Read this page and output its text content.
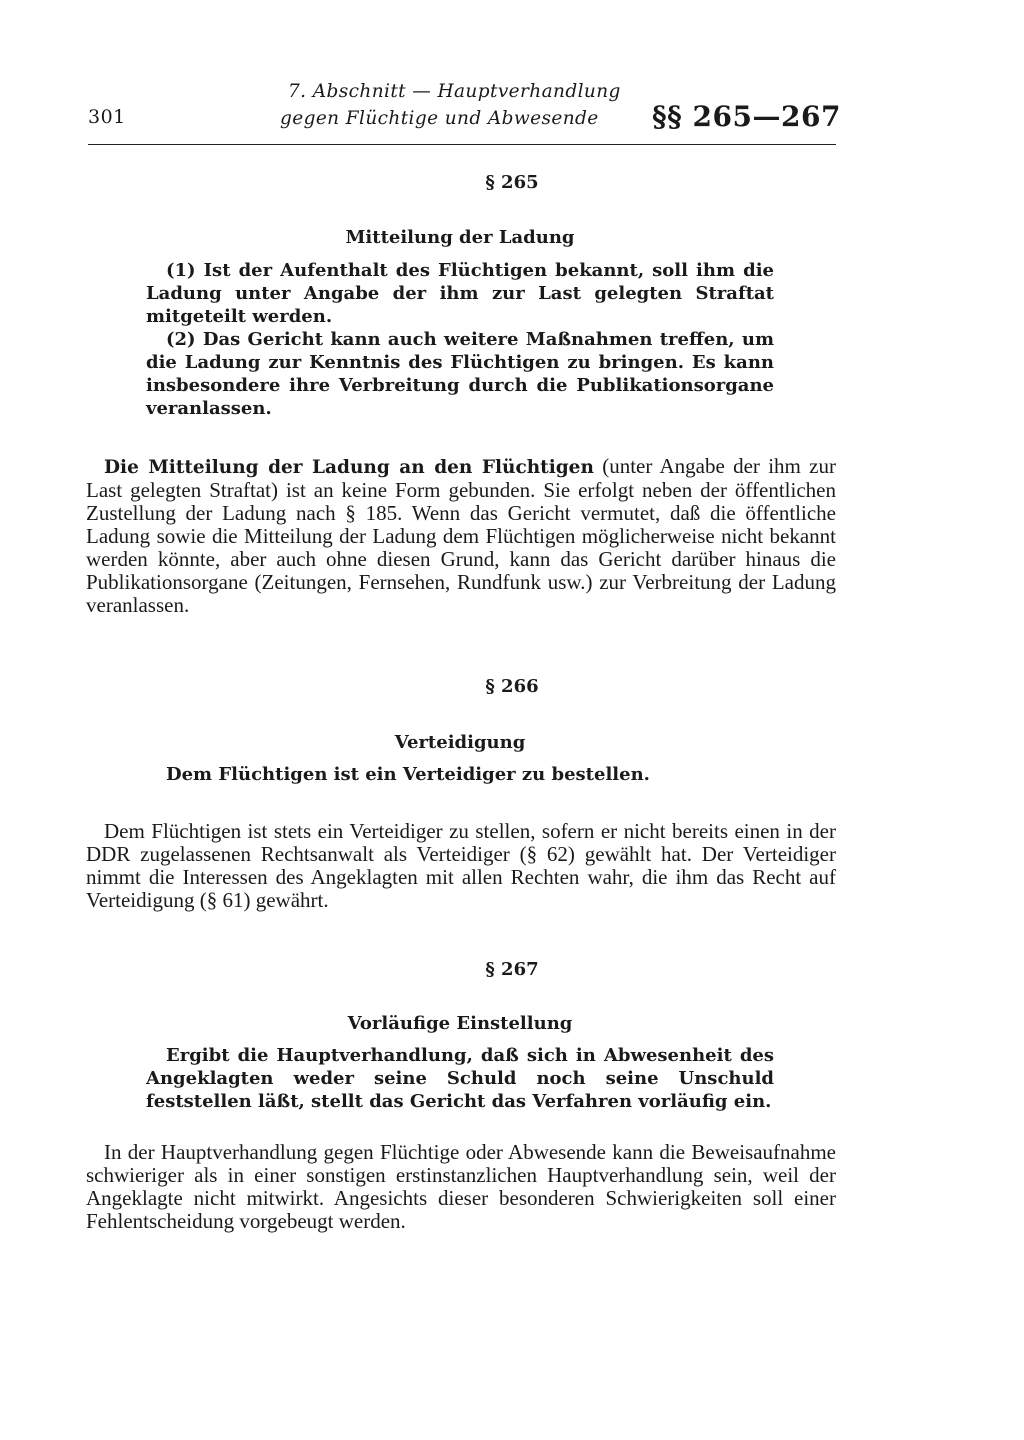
301
7. Abschnitt — Hauptverhandlung
gegen Flüchtige und Abwesende	§§ 265—267
§ 265
Mitteilung der Ladung

(1) Ist der Aufenthalt des Flüchtigen bekannt, soll ihm die Ladung unter Angabe der ihm zur Last gelegten Straftat mitgeteilt werden.

(2) Das Gericht kann auch weitere Maßnahmen treffen, um die Ladung zur Kenntnis des Flüchtigen zu bringen. Es kann insbesondere ihre Verbreitung durch die Publikationsorgane veranlassen.

Die Mitteilung der Ladung an den Flüchtigen (unter Angabe der ihm zur Last gelegten Straftat) ist an keine Form gebunden. Sie erfolgt neben der öffentlichen Zustellung der Ladung nach § 185. Wenn das Gericht vermutet, daß die öffentliche Ladung sowie die Mitteilung der Ladung dem Flüchtigen möglicherweise nicht bekannt werden könnte, aber auch ohne diesen Grund, kann das Gericht darüber hinaus die Publikationsorgane (Zeitungen, Fernsehen, Rundfunk usw.) zur Verbreitung der Ladung veranlassen.

§ 266
Verteidigung

Dem Flüchtigen ist ein Verteidiger zu bestellen.

Dem Flüchtigen ist stets ein Verteidiger zu stellen, sofern er nicht bereits einen in der DDR zugelassenen Rechtsanwalt als Verteidiger (§ 62) gewählt hat. Der Verteidiger nimmt die Interessen des Angeklagten mit allen Rechten wahr, die ihm das Recht auf Verteidigung (§ 61) gewährt.

§ 267
Vorläufige Einstellung

Ergibt die Hauptverhandlung, daß sich in Abwesenheit des Angeklagten weder seine Schuld noch seine Unschuld feststellen läßt, stellt das Gericht das Verfahren vorläufig ein.

In der Hauptverhandlung gegen Flüchtige oder Abwesende kann die Beweisaufnahme schwieriger als in einer sonstigen erstinstanzlichen Hauptverhandlung sein, weil der Angeklagte nicht mitwirkt. Angesichts dieser besonderen Schwierigkeiten soll einer Fehlentscheidung vorgebeugt werden.
